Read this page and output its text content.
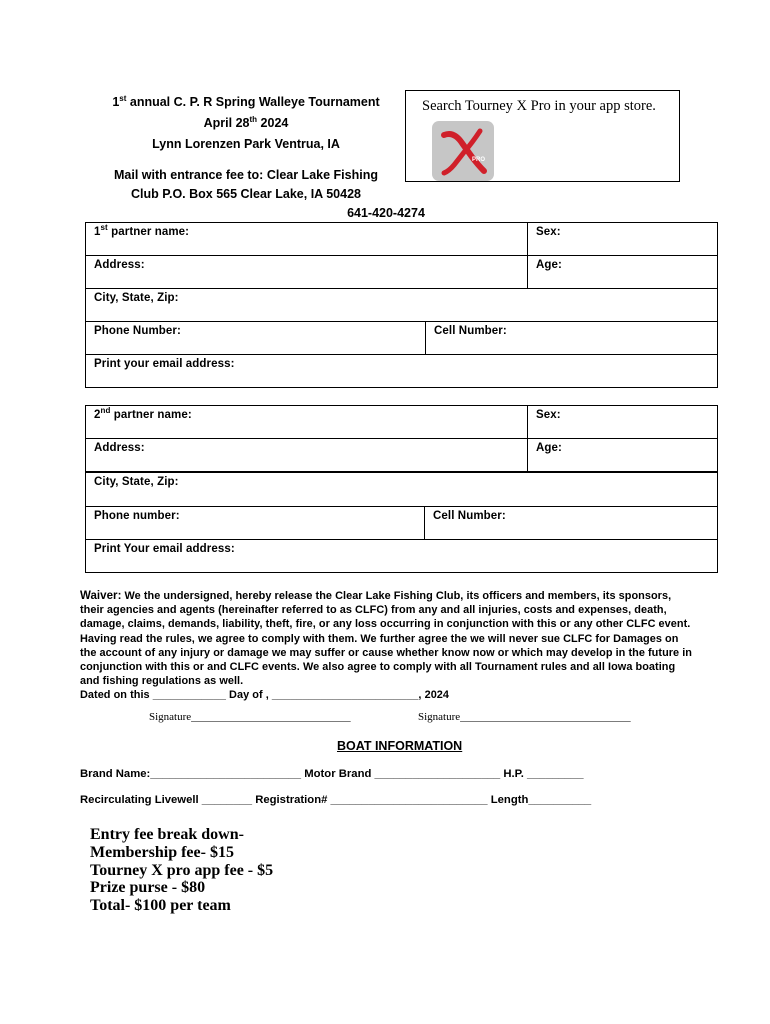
1st annual C. P. R Spring Walleye Tournament
April 28th 2024
Lynn Lorenzen Park Ventrua, IA
Mail with entrance fee to: Clear Lake Fishing
Club P.O. Box 565 Clear Lake, IA 50428
641-420-4274
Search Tourney X Pro in your app store.
PRO
1st partner name:	Sex:
Address:	Age:
City, State, Zip:
Phone Number:	Cell Number:
Print your email address:
2nd partner name:	Sex:
Address:	Age:
City, State, Zip:
Phone number:	Cell Number:
Print Your email address:
Waiver: We the undersigned, hereby release the Clear Lake Fishing Club, its officers and members, its sponsors,
their agencies and agents (hereinafter referred to as CLFC) from any and all injuries, costs and expenses, death,
damage, claims, demands, liability, theft, fire, or any loss occurring in conjunction with this or any other CLFC event.
Having read the rules, we agree to comply with them. We further agree the we will never sue CLFC for Damages on
the account of any injury or damage we may suffer or cause whether know now or which may develop in the future in
conjunction with this or and CLFC events. We also agree to comply with all Tournament rules and all Iowa boating
and fishing regulations as well.
Dated on this ____________ Day of , ________________________, 2024
Signature_____________________________	Signature_______________________________
BOAT INFORMATION
Brand Name:________________________ Motor Brand ____________________ H.P. _________
Recirculating Livewell ________ Registration# _________________________ Length__________
Entry fee break down-
Membership fee- $15
Tourney X pro app fee - $5
Prize purse - $80
Total- $100 per team
